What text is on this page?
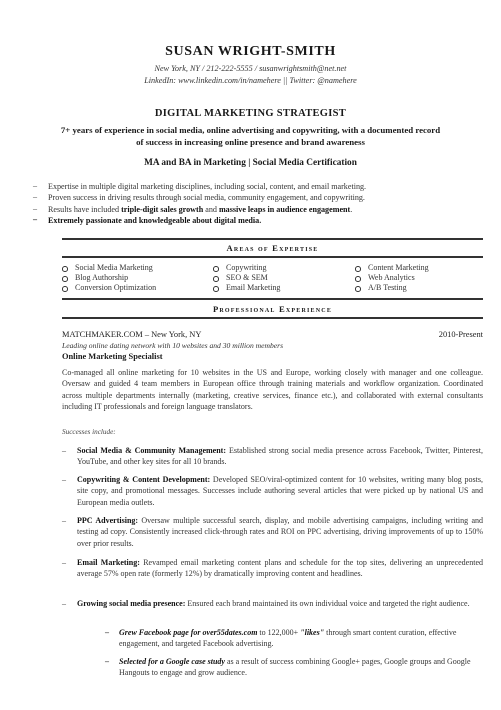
SUSAN WRIGHT-SMITH
New York, NY / 212-222-5555 / susanwrightsmith@net.net
LinkedIn: www.linkedin.com/in/namehere || Twitter: @namehere
DIGITAL MARKETING STRATEGIST
7+ years of experience in social media, online advertising and copywriting, with a documented record of success in increasing online presence and brand awareness
MA and BA in Marketing | Social Media Certification
– Expertise in multiple digital marketing disciplines, including social, content, and email marketing.
– Proven success in driving results through social media, community engagement, and copywriting.
– Results have included triple-digit sales growth and massive leaps in audience engagement.
– Extremely passionate and knowledgeable about digital media.
Areas of Expertise
Social Media Marketing
Blog Authorship
Conversion Optimization
Copywriting
SEO & SEM
Email Marketing
Content Marketing
Web Analytics
A/B Testing
Professional Experience
MATCHMAKER.COM – New York, NY	2010-Present
Leading online dating network with 10 websites and 30 million members
Online Marketing Specialist

Co-managed all online marketing for 10 websites in the US and Europe, working closely with manager and one colleague. Oversaw and guided 4 team members in European office through training materials and workflow organization. Coordinated across multiple departments internally (marketing, creative services, finance etc.), and collaborated with external consultants including IT professionals and foreign language translators.

Successes include:
– Social Media & Community Management: Established strong social media presence across Facebook, Twitter, Pinterest, YouTube, and other key sites for all 10 brands.
– Copywriting & Content Development: Developed SEO/viral-optimized content for 10 websites, writing many blog posts, site copy, and promotional messages. Successes include authoring several articles that were picked up by national US and European media outlets.
– PPC Advertising: Oversaw multiple successful search, display, and mobile advertising campaigns, including writing and testing ad copy. Consistently increased click-through rates and ROI on PPC advertising, driving improvements of up to 150% over prior results.
– Email Marketing: Revamped email marketing content plans and schedule for the top sites, delivering an unprecedented average 57% open rate (formerly 12%) by dramatically improving content and headlines.
– Growing social media presence: Ensured each brand maintained its own individual voice and targeted the right audience.
– Grew Facebook page for over55dates.com to 122,000+ "likes" through smart content curation, effective engagement, and targeted Facebook advertising.
– Selected for a Google case study as a result of success combining Google+ pages, Google groups and Google Hangouts to engage and grow audience.
